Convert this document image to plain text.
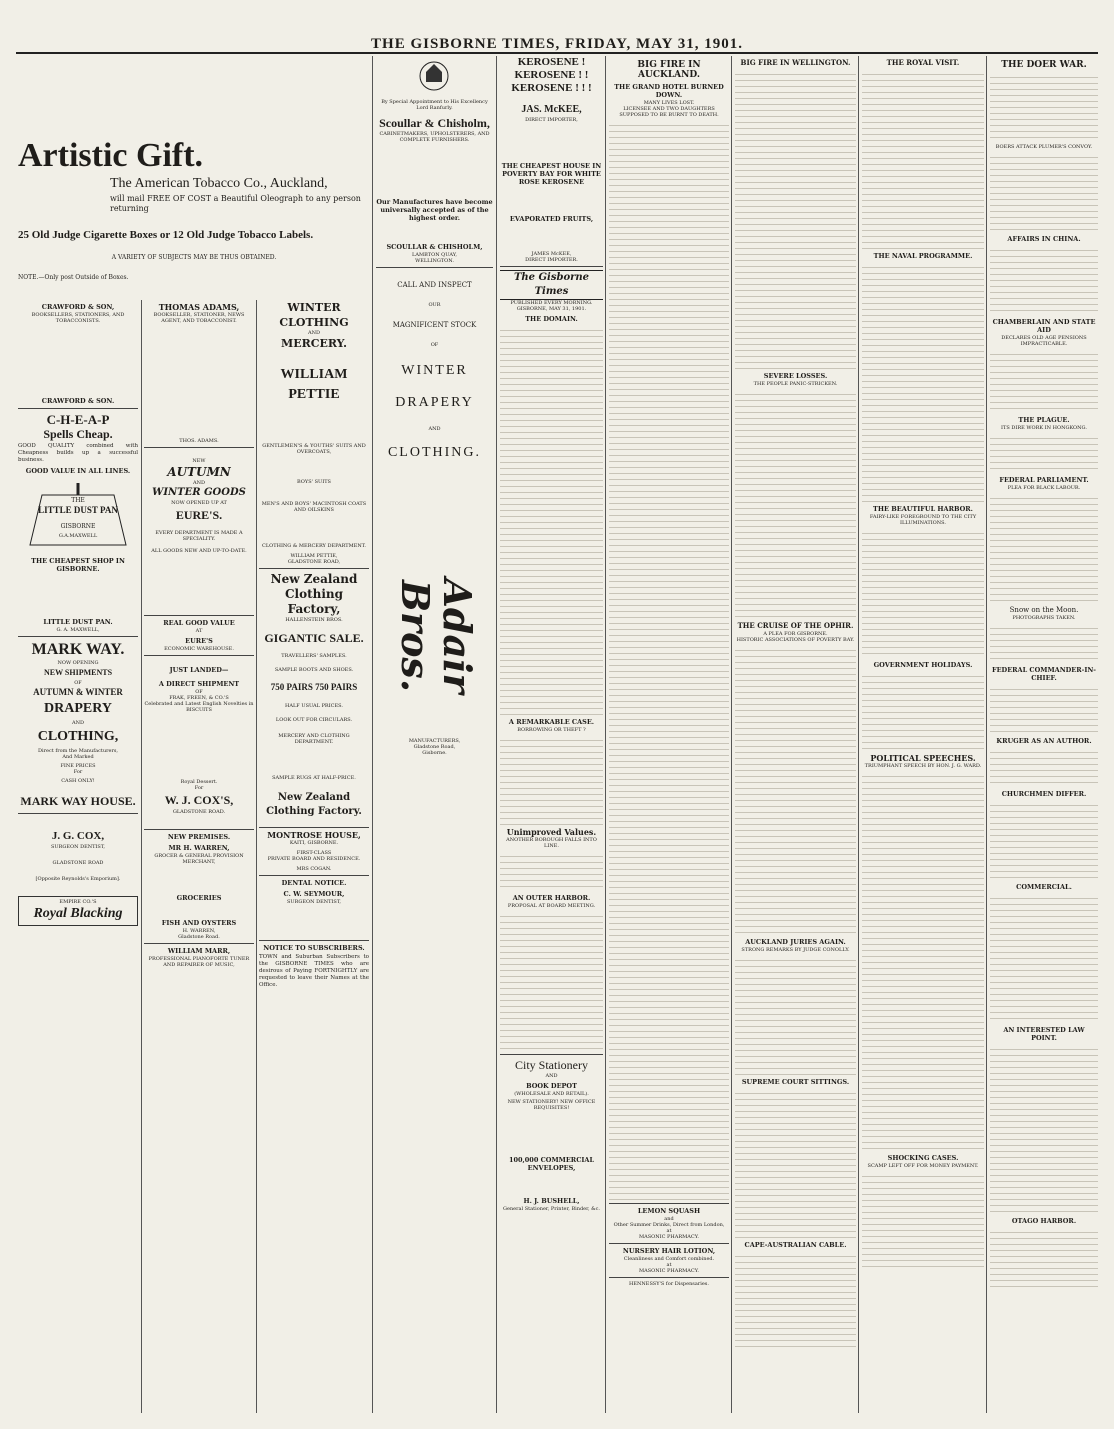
THE GISBORNE TIMES, FRIDAY, MAY 31, 1901.
Artistic Gift.
The American Tobacco Co., Auckland,
will mail FREE OF COST a Beautiful Oleograph to any person returning
25 Old Judge Cigarette Boxes or 12 Old Judge Tobacco Labels.
A VARIETY OF SUBJECTS MAY BE THUS OBTAINED.
NOTE.—Only post Outside of Boxes.
CRAWFORD & SON,
BOOKSELLERS, STATIONERS, AND TOBACCONISTS.
CRAWFORD & SON.
C-H-E-A-P
Spells Cheap.
GOOD QUALITY combined with Cheapness builds up a successful business.
GOOD VALUE IN ALL LINES.
THE
LITTLE DUST PAN
GISBORNE
G.A.MAXWELL
THE CHEAPEST SHOP IN GISBORNE.
LITTLE DUST PAN.
G. A. MAXWELL,
MARK WAY.
NOW OPENING
NEW SHIPMENTS
OF
AUTUMN & WINTER
DRAPERY
AND
CLOTHING,
Direct from the Manufacturers,
And Marked
FINE PRICES
For
CASH ONLY!
MARK WAY HOUSE.
J. G. COX,
SURGEON DENTIST,
GLADSTONE ROAD
[Opposite Reynolds's Emporium].
EMPIRE CO.'S
Royal Blacking
THOMAS ADAMS,
BOOKSELLER, STATIONER, NEWS AGENT, AND TOBACCONIST.
THOS. ADAMS.
NEW
AUTUMN
AND
WINTER GOODS
NOW OPENED UP AT
EURE'S.
EVERY DEPARTMENT IS MADE A SPECIALITY.
ALL GOODS NEW AND UP-TO-DATE.
REAL GOOD VALUE
AT
EURE'S
ECONOMIC WAREHOUSE.
JUST LANDED—
A DIRECT SHIPMENT
OF
FRAK, FREEN, & CO.'S
Celebrated and Latest English Novelties in BISCUITS
Royal Dessert.
For
W. J. COX'S,
GLADSTONE ROAD.
NEW PREMISES.
MR H. WARREN,
GROCER & GENERAL PROVISION MERCHANT,
GROCERIES
FISH AND OYSTERS
H. WARREN,
Gladstone Road.
WILLIAM MARR,
PROFESSIONAL PIANOFORTE TUNER AND REPAIRER OF MUSIC,
WINTER CLOTHING
AND
MERCERY.
WILLIAM
PETTIE
GENTLEMEN'S & YOUTHS' SUITS AND OVERCOATS,
BOYS' SUITS
MEN'S AND BOYS' MACINTOSH COATS AND OILSKINS
CLOTHING & MERCERY DEPARTMENT.
WILLIAM PETTIE,
GLADSTONE ROAD,
New Zealand Clothing Factory,
HALLENSTEIN BROS.
GIGANTIC SALE.
TRAVELLERS' SAMPLES.
SAMPLE BOOTS AND SHOES.
750 PAIRS 750 PAIRS
HALF USUAL PRICES.
LOOK OUT FOR CIRCULARS.
MERCERY AND CLOTHING DEPARTMENT.
SAMPLE RUGS AT HALF-PRICE.
New Zealand Clothing Factory.
MONTROSE HOUSE,
KAITI, GISBORNE.
FIRST-CLASS
PRIVATE BOARD AND RESIDENCE.
MRS COGAN.
DENTAL NOTICE.
C. W. SEYMOUR,
SURGEON DENTIST,
NOTICE TO SUBSCRIBERS.
TOWN and Suburban Subscribers to the GISBORNE TIMES who are desirous of Paying FORTNIGHTLY are requested to leave their Names at the Office.
By Special Appointment to His Excellency Lord Ranfurly.
Scoullar & Chisholm,
CABINETMAKERS, UPHOLSTERERS, AND COMPLETE FURNISHERS.
Our Manufactures have become universally accepted as of the highest order.
SCOULLAR & CHISHOLM,
LAMBTON QUAY,
WELLINGTON.
CALL AND INSPECT
OUR
MAGNIFICENT STOCK
OF
WINTER
DRAPERY
AND
CLOTHING.
Adair Bros.
MANUFACTURERS,
Gladstone Road,
Gisborne.
KEROSENE !
KEROSENE ! !
KEROSENE ! ! !
JAS. McKEE,
DIRECT IMPORTER,
THE CHEAPEST HOUSE IN POVERTY BAY FOR WHITE ROSE KEROSENE
EVAPORATED FRUITS,
JAMES McKEE,
DIRECT IMPORTER.
The Gisborne Times
PUBLISHED EVERY MORNING.
GISBORNE, MAY 31, 1901.
THE DOMAIN.
A REMARKABLE CASE.
BORROWING OR THEFT ?
Unimproved Values.
ANOTHER BOROUGH FALLS INTO LINE.
AN OUTER HARBOR.
PROPOSAL AT BOARD MEETING.
City Stationery
AND
BOOK DEPOT
(WHOLESALE AND RETAIL).
NEW STATIONERY! NEW OFFICE REQUISITES!
100,000 COMMERCIAL ENVELOPES,
H. J. BUSHELL,
General Stationer, Printer, Binder, &c.
BIG FIRE IN AUCKLAND.
THE GRAND HOTEL BURNED DOWN.
MANY LIVES LOST.
LICENSEE AND TWO DAUGHTERS SUPPOSED TO BE BURNT TO DEATH.
LEMON SQUASH
and
Other Summer Drinks, Direct from London,
at
MASONIC PHARMACY.
NURSERY HAIR LOTION,
Cleanliness and Comfort combined.
at
MASONIC PHARMACY.
HENNESSY'S for Dispensaries.
BIG FIRE IN WELLINGTON.
SEVERE LOSSES.
THE PEOPLE PANIC-STRICKEN.
THE CRUISE OF THE OPHIR.
A PLEA FOR GISBORNE.
HISTORIC ASSOCIATIONS OF POVERTY BAY.
AUCKLAND JURIES AGAIN.
STRONG REMARKS BY JUDGE CONOLLY.
SUPREME COURT SITTINGS.
CAPE-AUSTRALIAN CABLE.
THE ROYAL VISIT.
THE NAVAL PROGRAMME.
THE BEAUTIFUL HARBOR.
FAIRY-LIKE FOREGROUND TO THE CITY ILLUMINATIONS.
GOVERNMENT HOLIDAYS.
POLITICAL SPEECHES.
TRIUMPHANT SPEECH BY HON. J. G. WARD.
SHOCKING CASES.
SCAMP LEFT OFF FOR MONEY PAYMENT.
THE DOER WAR.
BOERS ATTACK PLUMER'S CONVOY.
AFFAIRS IN CHINA.
CHAMBERLAIN AND STATE AID
DECLARES OLD AGE PENSIONS IMPRACTICABLE.
THE PLAGUE.
ITS DIRE WORK IN HONGKONG.
FEDERAL PARLIAMENT.
PLEA FOR BLACK LABOUR.
Snow on the Moon.
PHOTOGRAPHS TAKEN.
FEDERAL COMMANDER-IN-CHIEF.
KRUGER AS AN AUTHOR.
CHURCHMEN DIFFER.
COMMERCIAL.
AN INTERESTED LAW POINT.
OTAGO HARBOR.
